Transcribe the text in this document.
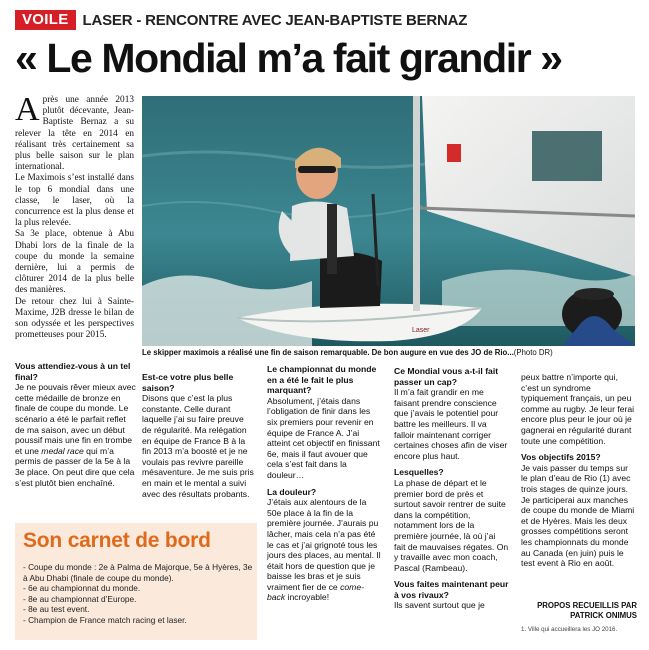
VOILE LASER - RENCONTRE AVEC JEAN-BAPTISTE BERNAZ
« Le Mondial m’a fait grandir »

Après une année 2013 plutôt décevante, Jean-Baptiste Bernaz a su relever la tête en 2014 en réalisant très certainement sa plus belle saison sur le plan international.

Le Maximois s’est installé dans le top 6 mondial dans une classe, le laser, où la concurrence est la plus dense et la plus relevée.

Sa 3e place, obtenue à Abu Dhabi lors de la finale de la coupe du monde la semaine dernière, lui a permis de clôturer 2014 de la plus belle des manières.

De retour chez lui à Sainte-Maxime, J2B dresse le bilan de son odyssée et les perspectives prometteuses pour 2015.	Laser
Le skipper maximois a réalisé une fin de saison remarquable. De bon augure en vue des JO de Rio...(Photo DR)
Vous attendiez-vous à un tel final?
Je ne pouvais rêver mieux avec cette médaille de bronze en finale de coupe du monde. Le scénario a été le parfait reflet de ma saison, avec un début poussif mais une fin en trombe et une medal race qui m’a permis de passer de la 5e à la 3e place. On peut dire que cela s’est plutôt bien enchaîné.
Est-ce votre plus belle saison?
Disons que c’est la plus constante. Celle durant laquelle j’ai su faire preuve de régularité. Ma relégation en équipe de France B à la fin 2013 m’a boosté et je ne voulais pas revivre pareille mésaventure. Je me suis pris en main et le mental a suivi avec des résultats probants.
Le championnat du monde en a été le fait le plus marquant?
Absolument, j’étais dans l’obligation de finir dans les six premiers pour revenir en équipe de France A. J’ai atteint cet objectif en finissant 6e, mais il faut avouer que cela s’est fait dans la douleur…
La douleur?
J’étais aux alentours de la 50e place à la fin de la première journée. J’aurais pu lâcher, mais cela n’a pas été le cas et j’ai grignoté tous les jours des places, au mental. Il était hors de question que je baisse les bras et je suis vraiment fier de ce come-back incroyable!
Ce Mondial vous a-t-il fait passer un cap?
Il m’a fait grandir en me faisant prendre conscience que j’avais le potentiel pour battre les meilleurs. Il va falloir maintenant corriger certaines choses afin de viser encore plus haut.
Lesquelles?
La phase de départ et le premier bord de près et surtout savoir rentrer de suite dans la compétition, notamment lors de la première journée, là où j’ai fait de mauvaises régates. On y travaille avec mon coach, Pascal (Rambeau).
Vous faites maintenant peur à vos rivaux?
Ils savent surtout que je
peux battre n’importe qui, c’est un syndrome typiquement français, un peu comme au rugby. Je leur ferai encore plus peur le jour où je gagnerai en régularité durant toute une compétition.
Vos objectifs 2015?
Je vais passer du temps sur le plan d’eau de Rio (1) avec trois stages de quinze jours. Je participerai aux manches de coupe du monde de Miami et de Hyères. Mais les deux grosses compétitions seront les championnats du monde au Canada (en juin) puis le test event à Rio en août.
Son carnet de bord
- Coupe du monde : 2e à Palma de Majorque, 5e à Hyères, 3e à Abu Dhabi (finale de coupe du monde).
- 6e au championnat du monde.
- 8e au championnat d’Europe.
- 8e au test event.
- Champion de France match racing et laser.
PROPOS RECUEILLIS PAR
PATRICK ONIMUS
1. Ville qui accueillera les JO 2016.
